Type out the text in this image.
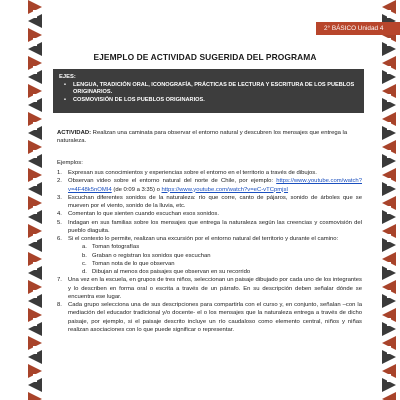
2° BÁSICO Unidad 4
EJEMPLO DE ACTIVIDAD SUGERIDA DEL PROGRAMA
EJES:
• LENGUA, TRADICIÓN ORAL, ICONOGRAFÍA, PRÁCTICAS DE LECTURA Y ESCRITURA DE LOS PUEBLOS ORIGINARIOS.
• COSMOVISIÓN DE LOS PUEBLOS ORIGINARIOS.
ACTIVIDAD: Realizan una caminata para observar el entorno natural y descubren los mensajes que entrega la naturaleza.
Ejemplos:
1. Expresan sus conocimientos y experiencias sobre el entorno en el territorio a través de dibujos.
2. Observan video sobre el entorno natural del norte de Chile, por ejemplo: https://www.youtube.com/watch?v=4F48k5nOMI4 (de 0:09 a 3:35) o https://www.youtube.com/watch?v=eC-vTCpmjsI
3. Escuchan diferentes sonidos de la naturaleza: río que corre, canto de pájaros, sonido de árboles que se mueven por el viento, sonido de la lluvia, etc.
4. Comentan lo que sienten cuando escuchan esos sonidos.
5. Indagan en sus familias sobre los mensajes que entrega la naturaleza según las creencias y cosmovisión del pueblo diaguita.
6. Si el contexto lo permite, realizan una excursión por el entorno natural del territorio y durante el camino:
a. Toman fotografías
b. Graban o registran los sonidos que escuchan
c. Toman nota de lo que observan
d. Dibujan al menos dos paisajes que observan en su recorrido
7. Una vez en la escuela, en grupos de tres niños, seleccionan un paisaje dibujado por cada uno de los integrantes y lo describen en forma oral o escrita a través de un párrafo. En su descripción deben señalar dónde se encuentra ese lugar.
8. Cada grupo selecciona una de sus descripciones para compartirla con el curso y, en conjunto, señalan –con la mediación del educador tradicional y/o docente- el o los mensajes que la naturaleza entrega a través de dicho paisaje, por ejemplo, si el paisaje descrito incluye un río caudaloso como elemento central, niños y niñas realizan asociaciones con lo que puede significar o representar.
